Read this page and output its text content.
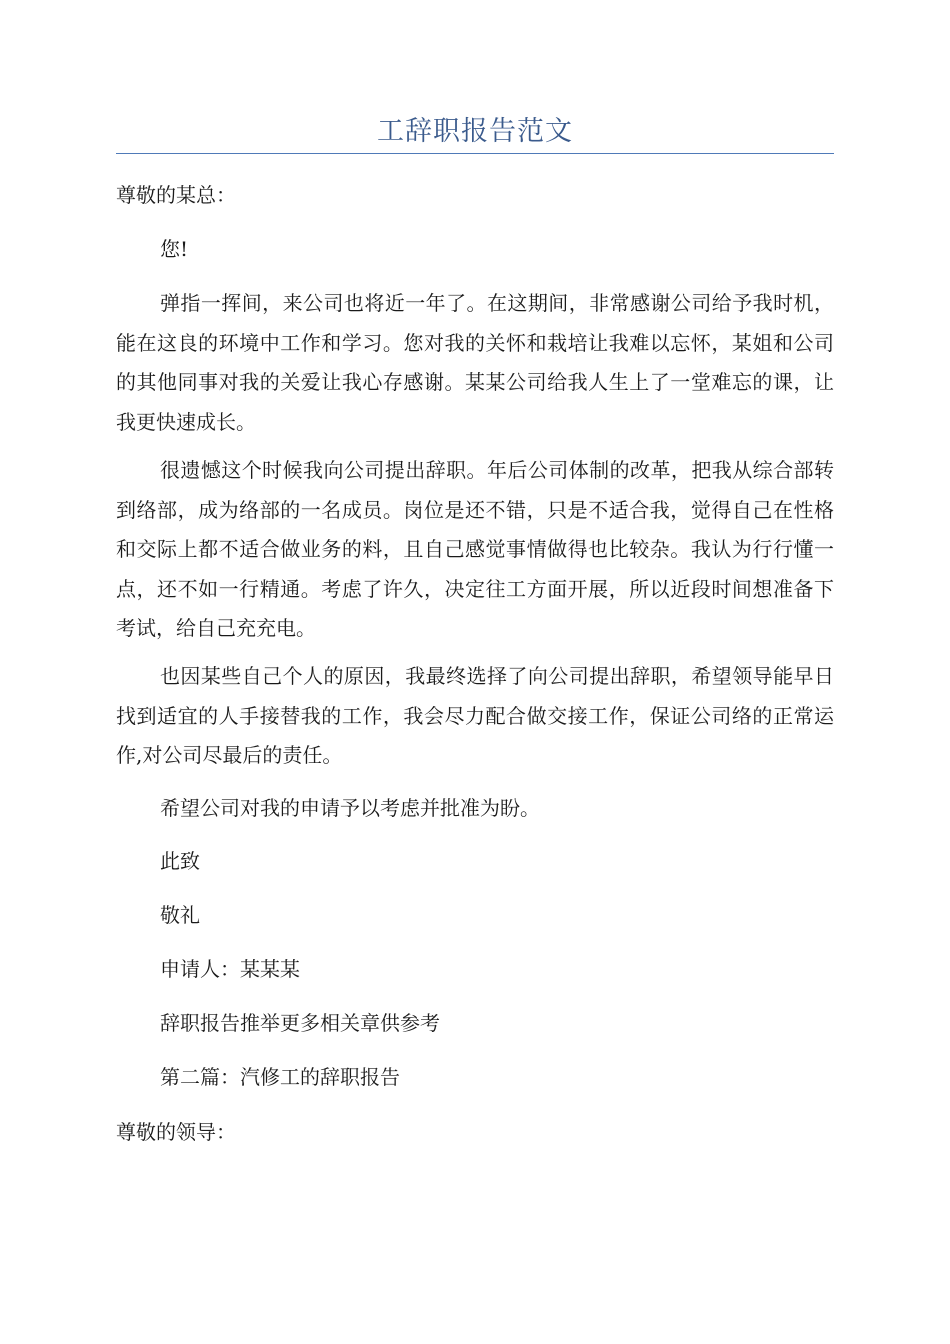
工辞职报告范文
尊敬的某总：
您!

弹指一挥间，来公司也将近一年了。在这期间，非常感谢公司给予我时机，能在这良的环境中工作和学习。您对我的关怀和栽培让我难以忘怀，某姐和公司的其他同事对我的关爱让我心存感谢。某某公司给我人生上了一堂难忘的课，让我更快速成长。

很遗憾这个时候我向公司提出辞职。年后公司体制的改革，把我从综合部转到络部，成为络部的一名成员。岗位是还不错，只是不适合我，觉得自己在性格和交际上都不适合做业务的料，且自己感觉事情做得也比较杂。我认为行行懂一点，还不如一行精通。考虑了许久，决定往工方面开展，所以近段时间想准备下考试，给自己充充电。

也因某些自己个人的原因，我最终选择了向公司提出辞职，希望领导能早日找到适宜的人手接替我的工作，我会尽力配合做交接工作，保证公司络的正常运作,对公司尽最后的责任。

希望公司对我的申请予以考虑并批准为盼。
此致
敬礼
申请人：某某某
辞职报告推举更多相关章供参考
第二篇：汽修工的辞职报告
尊敬的领导：
